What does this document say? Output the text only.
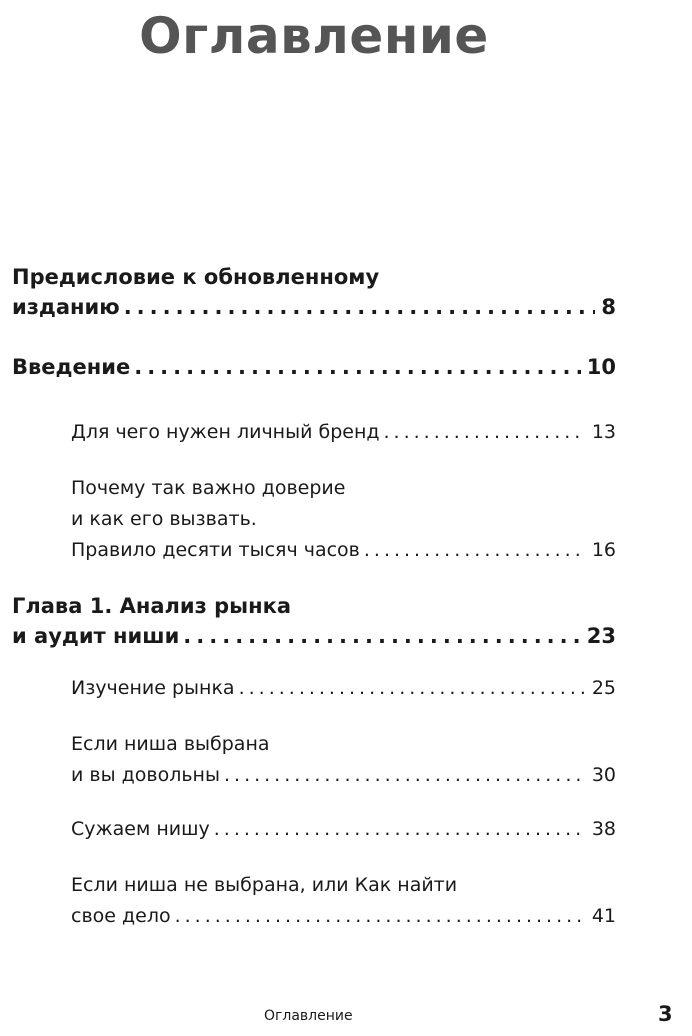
Оглавление
Предисловие к обновленному
изданию .....	8
Введение .....	10
Для чего нужен личный бренд .....	13
Почему так важно доверие
и как его вызвать.
Правило десяти тысяч часов .....	16
Глава 1. Анализ рынка
и аудит ниши .....	23
Изучение рынка .....	25
Если ниша выбрана
и вы довольны .....	30
Сужаем нишу .....	38
Если ниша не выбрана, или Как найти
свое дело .....	41
Оглавление	3
